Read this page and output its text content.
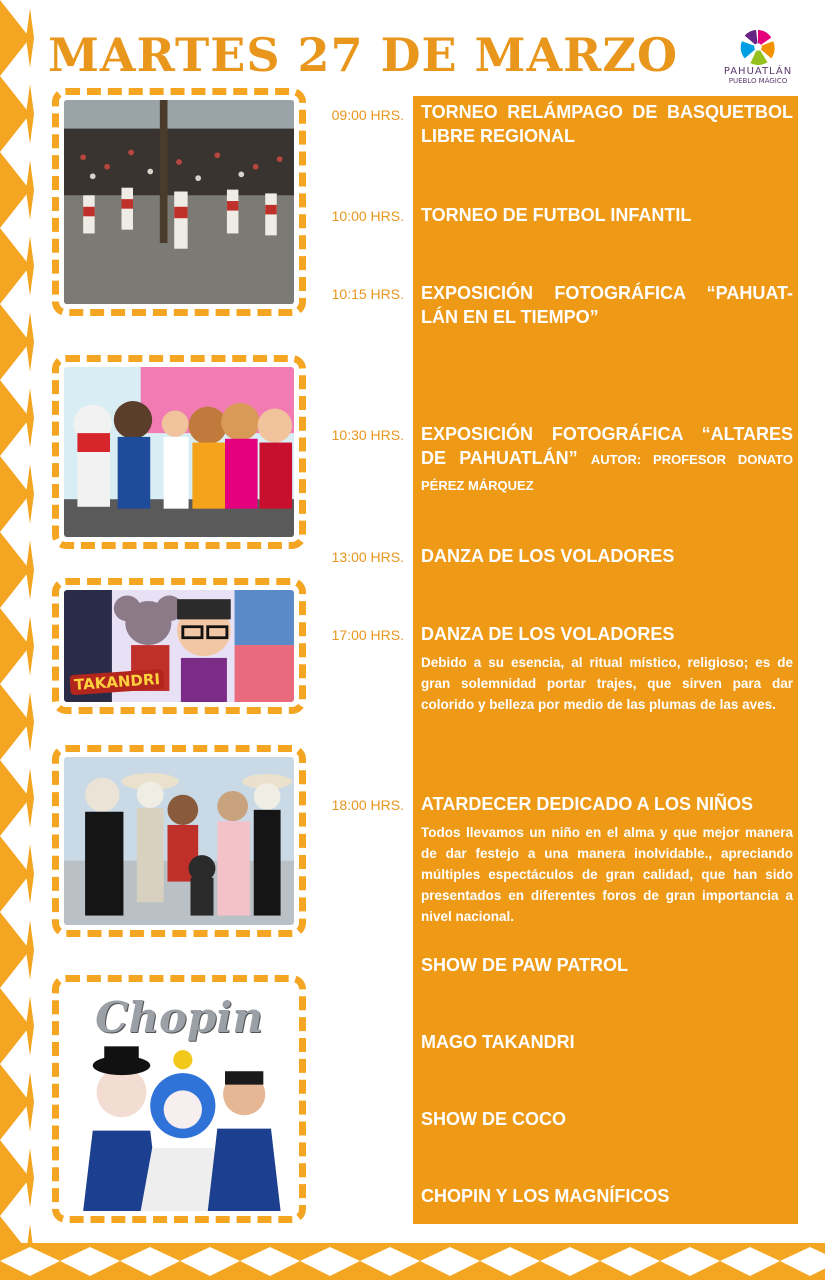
MARTES 27 DE MARZO	PAHUATLÁN
PUEBLO MÁGICO
TAKANDRI
Chopin
09:00 HRS.
10:00 HRS.
10:15 HRS.
10:30 HRS.
13:00 HRS.
17:00 HRS.
18:00 HRS.
TORNEO RELÁMPAGO DE BASQUETBOL LIBRE REGIONAL
TORNEO DE FUTBOL INFANTIL
EXPOSICIÓN FOTOGRÁFICA “PAHUAT-LÁN EN EL TIEMPO”
EXPOSICIÓN FOTOGRÁFICA “ALTARES DE PAHUATLÁN” AUTOR: PROFESOR DONATO PÉREZ MÁRQUEZ
DANZA DE LOS VOLADORES
DANZA DE LOS VOLADORES
Debido a su esencia, al ritual místico, religioso; es de gran solemnidad portar trajes, que sirven para dar colorido y belleza por medio de las plumas de las aves.
ATARDECER DEDICADO A LOS NIÑOS
Todos llevamos un niño en el alma y que mejor manera de dar festejo a una manera inolvidable., apreciando múltiples espectáculos de gran calidad, que han sido presentados en diferentes foros de gran importancia a nivel nacional.
SHOW DE PAW PATROL
MAGO TAKANDRI
SHOW DE COCO
CHOPIN Y LOS MAGNÍFICOS
